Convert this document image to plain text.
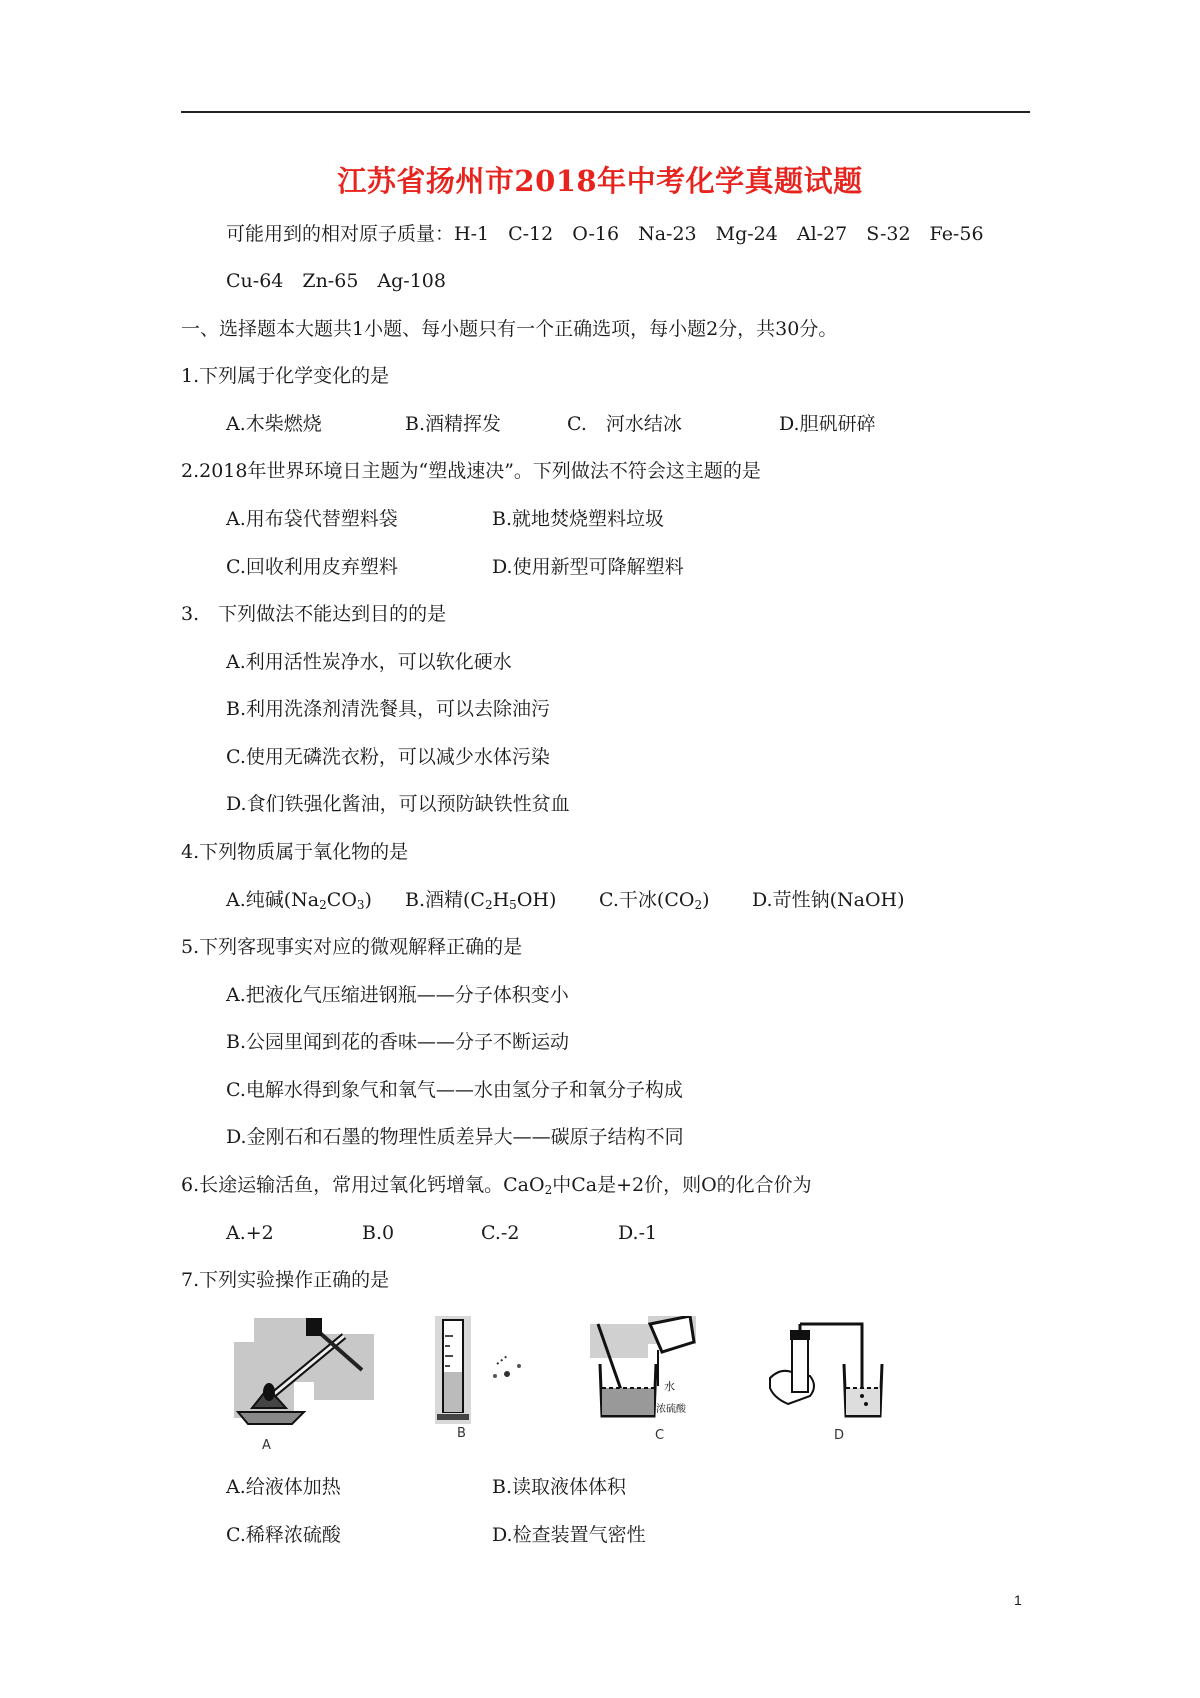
江苏省扬州市2018年中考化学真题试题
可能用到的相对原子质量：H-1　C-12　O-16　Na-23　Mg-24　Al-27　S-32　Fe-56
Cu-64　Zn-65　Ag-108
一、选择题本大题共1小题、每小题只有一个正确选项，每小题2分，共30分。
1.下列属于化学变化的是
A.木柴燃烧	B.酒精挥发	C.　河水结冰	D.胆矾研碎
2.2018年世界环境日主题为“塑战速决”。下列做法不符会这主题的是
A.用布袋代替塑料袋	B.就地焚烧塑料垃圾
C.回收利用皮弃塑料	D.使用新型可降解塑料
3.　下列做法不能达到目的的是
A.利用活性炭净水，可以软化硬水
B.利用洗涤剂清洗餐具，可以去除油污
C.使用无磷洗衣粉，可以减少水体污染
D.食们铁强化酱油，可以预防缺铁性贫血
4.下列物质属于氧化物的是
A.纯碱$(Na_2CO_3)$ B.酒精$(C_2H_5OH)$ C.干冰$(CO_2)$ D.苛性钠(NaOH)
5.下列客现事实对应的微观解释正确的是
A.把液化气压缩进钢瓶——分子体积变小
B.公园里闻到花的香味——分子不断运动
C.电解水得到象气和氧气——水由氢分子和氧分子构成
D.金刚石和石墨的物理性质差异大——碳原子结构不同
6.长途运输活鱼，常用过氧化钙增氧。CaO$_2$中Ca是+2价，则O的化合价为
A.+2	B.0	C.-2	D.-1
7.下列实验操作正确的是
A
B
水
浓硫酸
C	D
A.给液体加热	B.读取液体体积
C.稀释浓硫酸	D.检查装置气密性
1
